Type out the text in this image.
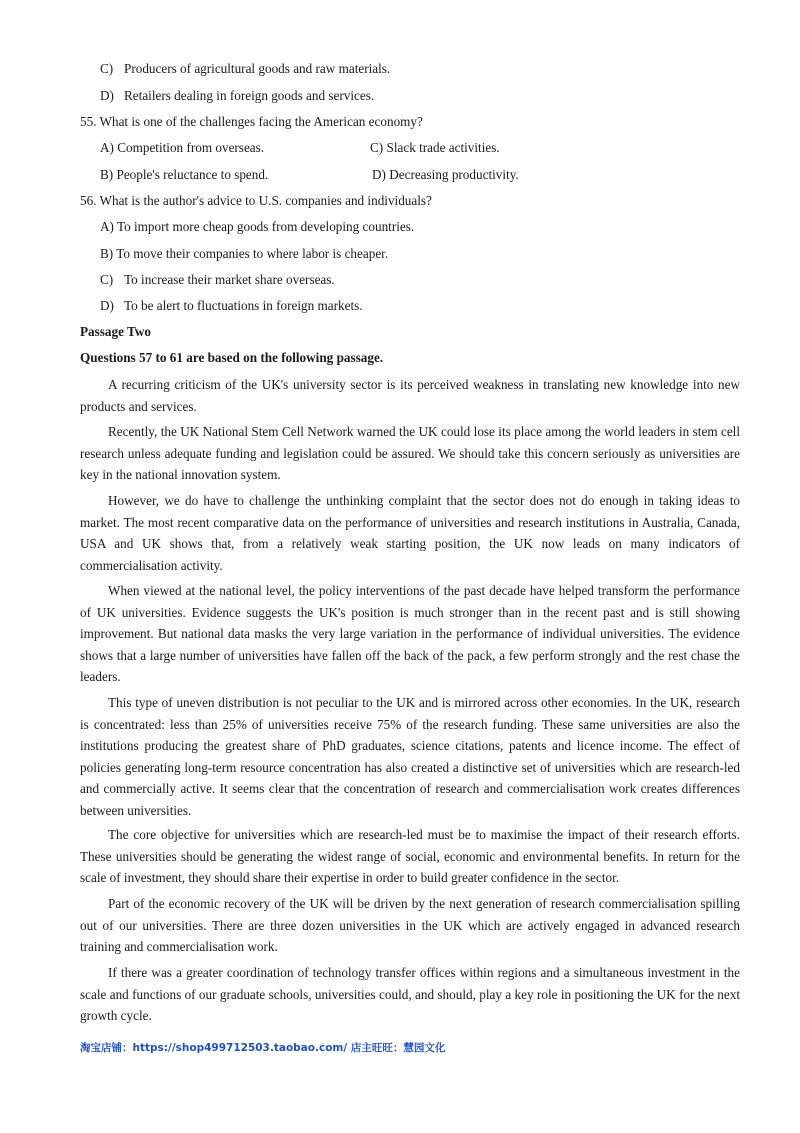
C) Producers of agricultural goods and raw materials.
D) Retailers dealing in foreign goods and services.
55. What is one of the challenges facing the American economy?
A) Competition from overseas.	C) Slack trade activities.
B) People's reluctance to spend.	D) Decreasing productivity.
56. What is the author's advice to U.S. companies and individuals?
A) To import more cheap goods from developing countries.
B) To move their companies to where labor is cheaper.
C) To increase their market share overseas.
D) To be alert to fluctuations in foreign markets.
Passage Two
Questions 57 to 61 are based on the following passage.

A recurring criticism of the UK's university sector is its perceived weakness in translating new knowledge into new products and services.

Recently, the UK National Stem Cell Network warned the UK could lose its place among the world leaders in stem cell research unless adequate funding and legislation could be assured. We should take this concern seriously as universities are key in the national innovation system.

However, we do have to challenge the unthinking complaint that the sector does not do enough in taking ideas to market. The most recent comparative data on the performance of universities and research institutions in Australia, Canada, USA and UK shows that, from a relatively weak starting position, the UK now leads on many indicators of commercialisation activity.

When viewed at the national level, the policy interventions of the past decade have helped transform the performance of UK universities. Evidence suggests the UK's position is much stronger than in the recent past and is still showing improvement. But national data masks the very large variation in the performance of individual universities. The evidence shows that a large number of universities have fallen off the back of the pack, a few perform strongly and the rest chase the leaders.

This type of uneven distribution is not peculiar to the UK and is mirrored across other economies. In the UK, research is concentrated: less than 25% of universities receive 75% of the research funding. These same universities are also the institutions producing the greatest share of PhD graduates, science citations, patents and licence income. The effect of policies generating long-term resource concentration has also created a distinctive set of universities which are research-led and commercially active. It seems clear that the concentration of research and commercialisation work creates differences between universities.

The core objective for universities which are research-led must be to maximise the impact of their research efforts. These universities should be generating the widest range of social, economic and environmental benefits. In return for the scale of investment, they should share their expertise in order to build greater confidence in the sector.

Part of the economic recovery of the UK will be driven by the next generation of research commercialisation spilling out of our universities. There are three dozen universities in the UK which are actively engaged in advanced research training and commercialisation work.

If there was a greater coordination of technology transfer offices within regions and a simultaneous investment in the scale and functions of our graduate schools, universities could, and should, play a key role in positioning the UK for the next growth cycle.

淘宝店铺：https://shop499712503.taobao.com/ 店主旺旺：慧园文化
